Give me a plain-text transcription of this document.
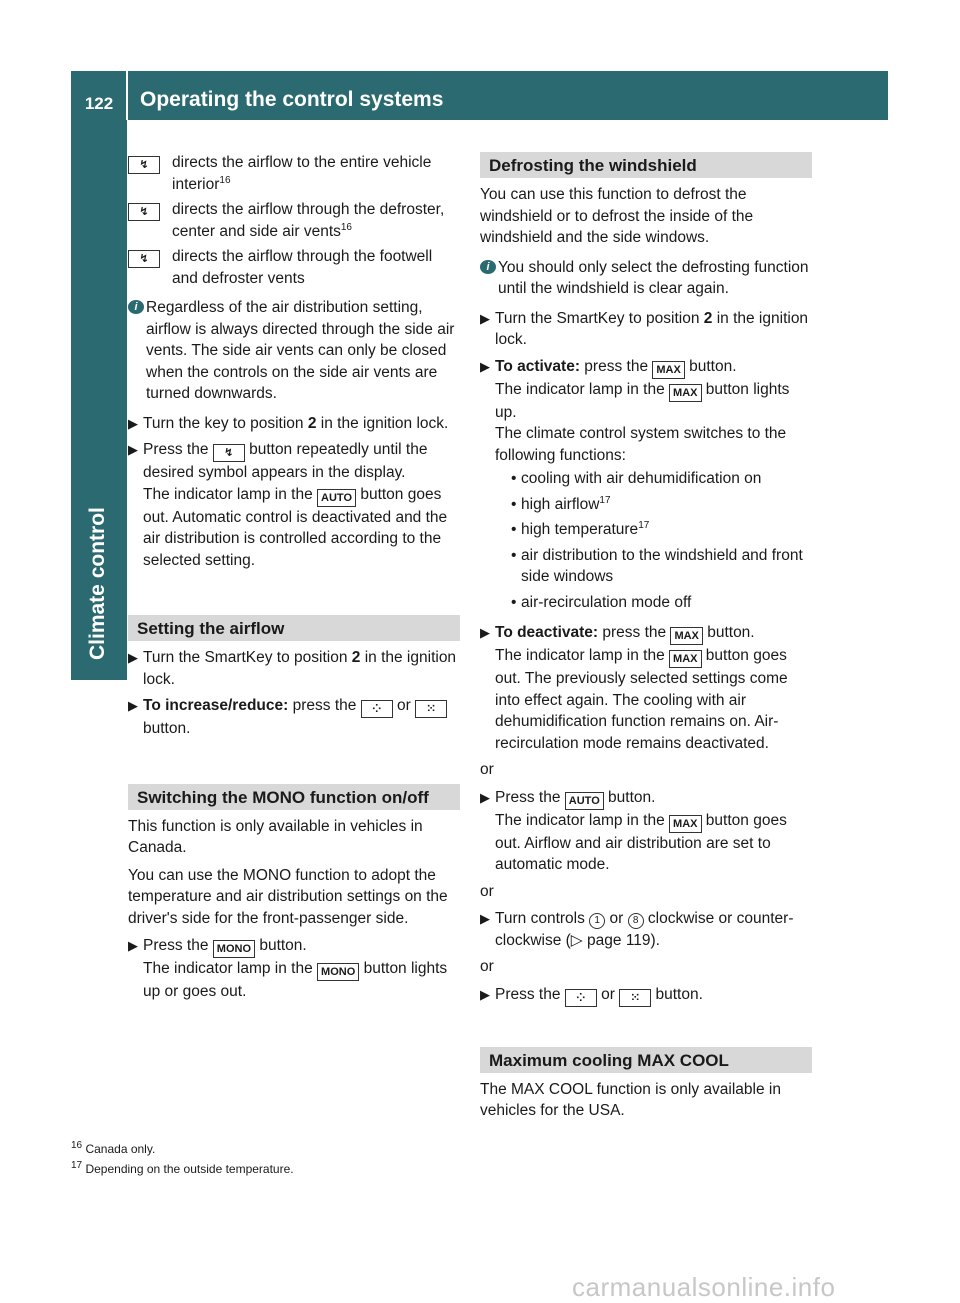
122	Operating the control systems
Climate control
↯	directs the airflow to the entire vehicle interior$^{16}$
↯	directs the airflow through the defroster, center and side air vents$^{16}$
↯	directs the airflow through the footwell and defroster vents
i Regardless of the air distribution setting, airflow is always directed through the side air vents. The side air vents can only be closed when the controls on the side air vents are turned downwards.
▶ Turn the key to position 2 in the ignition lock.
▶ Press the ↯ button repeatedly until the desired symbol appears in the display.
The indicator lamp in the AUTO button goes out. Automatic control is deactivated and the air distribution is controlled according to the selected setting.
Setting the airflow
▶ Turn the SmartKey to position 2 in the ignition lock.
▶ To increase/reduce: press the ⁘ or ⁙ button.
Switching the MONO function on/off

This function is only available in vehicles in Canada.

You can use the MONO function to adopt the temperature and air distribution settings on the driver's side for the front-passenger side.

▶ Press the MONO button.
The indicator lamp in the MONO button lights up or goes out.
Defrosting the windshield

You can use this function to defrost the windshield or to defrost the inside of the windshield and the side windows.

i You should only select the defrosting function until the windshield is clear again.
▶ Turn the SmartKey to position 2 in the ignition lock.
▶ To activate: press the MAX button.
The indicator lamp in the MAX button lights up.
The climate control system switches to the following functions:
• cooling with air dehumidification on
• high airflow$^{17}$
• high temperature$^{17}$
• air distribution to the windshield and front side windows
• air-recirculation mode off
▶ To deactivate: press the MAX button.
The indicator lamp in the MAX button goes out. The previously selected settings come into effect again. The cooling with air dehumidification function remains on. Air-recirculation mode remains deactivated.
or
▶ Press the AUTO button.
The indicator lamp in the MAX button goes out. Airflow and air distribution are set to automatic mode.
or
▶ Turn controls 1 or 8 clockwise or counter-clockwise (▷ page 119).
or
▶ Press the ⁘ or ⁙ button.
Maximum cooling MAX COOL

The MAX COOL function is only available in vehicles for the USA.

$^{16}$ Canada only.
$^{17}$ Depending on the outside temperature.
carmanualsonline.info
